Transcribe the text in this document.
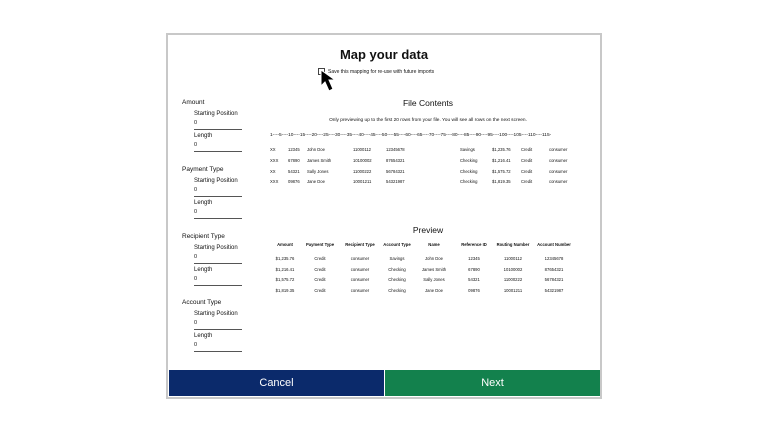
Map your data
Save this mapping for re-use with future imports
Amount
Starting Position
0
Length
0
Payment Type
Starting Position
0
Length
0
Recipient Type
Starting Position
0
Length
0
Account Type
Starting Position
0
Length
0
File Contents
Only previewing up to the first 20 rows from your file. You will see all rows on the next screen.
1----5----10----15----20----25----30----35----40----45----50----55----60----65----70----75----80----85----90----95----100----105----110----115-
XX	12345 John Doe	11000112	12345678	Savings	$1,235.76 Credit	consumer
XXX 67890 James Smith	10100002	87654321	Checking	$1,216.41 Credit	consumer
XX	54321 Sally Jones	11000222	56784321	Checking	$1,575.72 Credit	consumer
XXX 09876 Jane Doe	10001211	54321987	Checking	$1,819.35 Credit	consumer
Preview
Amount	Payment Type	Recipient Type	Account Type	Name	Reference ID	Routing Number	Account Number
$1,235.76	Credit	consumer	Savings	John Doe	12345	11000112	12345678
$1,216.41	Credit	consumer	Checking	James Smith	67890	10100002	87654321
$1,575.72	Credit	consumer	Checking	Sally Jones	54321	11000222	56784321
$1,819.35	Credit	consumer	Checking	Jane Doe	09876	10001211	54321987
Cancel	Next
